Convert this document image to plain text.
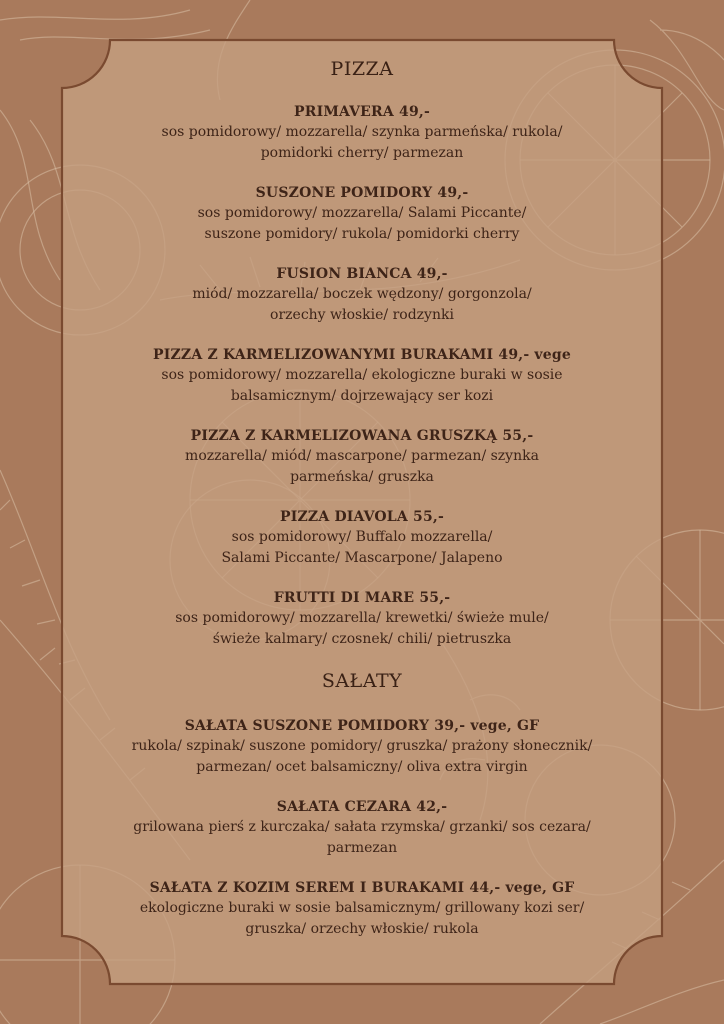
PIZZA
PRIMAVERA 49,-
sos pomidorowy/ mozzarella/ szynka parmeńska/ rukola/
pomidorki cherry/ parmezan
SUSZONE POMIDORY 49,-
sos pomidorowy/ mozzarella/ Salami Piccante/
suszone pomidory/ rukola/ pomidorki cherry
FUSION BIANCA 49,-
miód/ mozzarella/ boczek wędzony/ gorgonzola/
orzechy włoskie/ rodzynki
PIZZA Z KARMELIZOWANYMI BURAKAMI 49,- vege
sos pomidorowy/ mozzarella/ ekologiczne buraki w sosie
balsamicznym/ dojrzewający ser kozi
PIZZA Z KARMELIZOWANA GRUSZKĄ 55,-
mozzarella/ miód/ mascarpone/ parmezan/ szynka
parmeńska/ gruszka
PIZZA DIAVOLA 55,-
sos pomidorowy/ Buffalo mozzarella/
Salami Piccante/ Mascarpone/ Jalapeno
FRUTTI DI MARE 55,-
sos pomidorowy/ mozzarella/ krewetki/ świeże mule/
świeże kalmary/ czosnek/ chili/ pietruszka
SAŁATY
SAŁATA SUSZONE POMIDORY 39,- vege, GF
rukola/ szpinak/ suszone pomidory/ gruszka/ prażony słonecznik/
parmezan/ ocet balsamiczny/ oliva extra virgin
SAŁATA CEZARA 42,-
grilowana pierś z kurczaka/ sałata rzymska/ grzanki/ sos cezara/
parmezan
SAŁATA Z KOZIM SEREM I BURAKAMI 44,- vege, GF
ekologiczne buraki w sosie balsamicznym/ grillowany kozi ser/
gruszka/ orzechy włoskie/ rukola
